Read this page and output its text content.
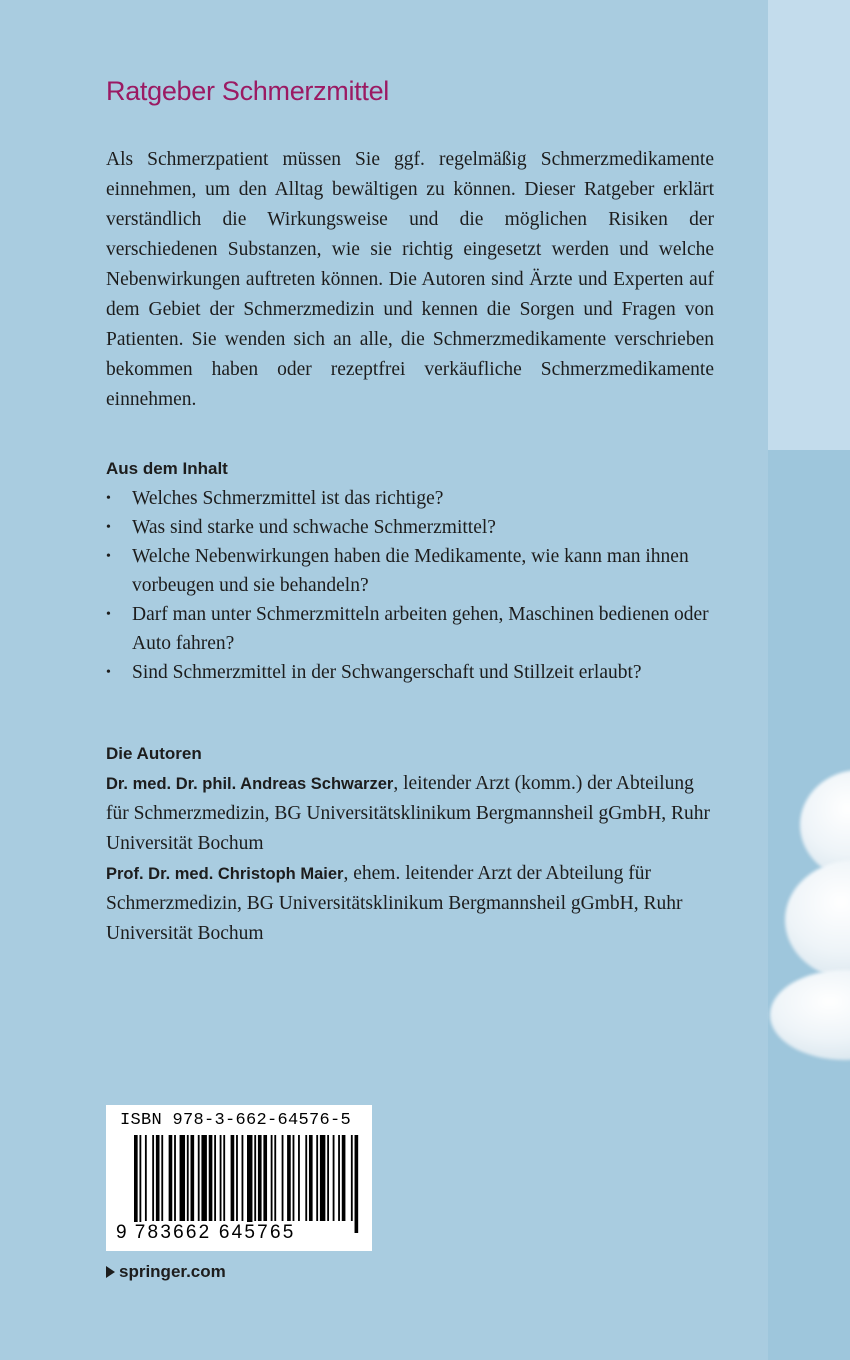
Ratgeber Schmerzmittel

Als Schmerzpatient müssen Sie ggf. regelmäßig Schmerzmedikamente einnehmen, um den Alltag bewältigen zu können. Dieser Ratgeber erklärt verständlich die Wirkungsweise und die möglichen Risiken der verschiedenen Substanzen, wie sie richtig eingesetzt werden und welche Nebenwirkungen auftreten können. Die Autoren sind Ärzte und Experten auf dem Gebiet der Schmerzmedizin und kennen die Sorgen und Fragen von Patienten. Sie wenden sich an alle, die Schmerzmedikamente verschrieben bekommen haben oder rezeptfrei verkäufliche Schmerzmedikamente einnehmen.

Aus dem Inhalt
• Welches Schmerzmittel ist das richtige?
• Was sind starke und schwache Schmerzmittel?
• Welche Nebenwirkungen haben die Medikamente, wie kann man ihnen vorbeugen und sie behandeln?
• Darf man unter Schmerzmitteln arbeiten gehen, Maschinen bedienen oder Auto fahren?
• Sind Schmerzmittel in der Schwangerschaft und Stillzeit erlaubt?
Die Autoren

Dr. med. Dr. phil. Andreas Schwarzer, leitender Arzt (komm.) der Abteilung für Schmerzmedizin, BG Universitätsklinikum Bergmannsheil gGmbH, Ruhr Universität Bochum

Prof. Dr. med. Christoph Maier, ehem. leitender Arzt der Abteilung für Schmerzmedizin, BG Universitätsklinikum Bergmannsheil gGmbH, Ruhr Universität Bochum

ISBN 978-3-662-64576-5
9 783662 645765
springer.com
